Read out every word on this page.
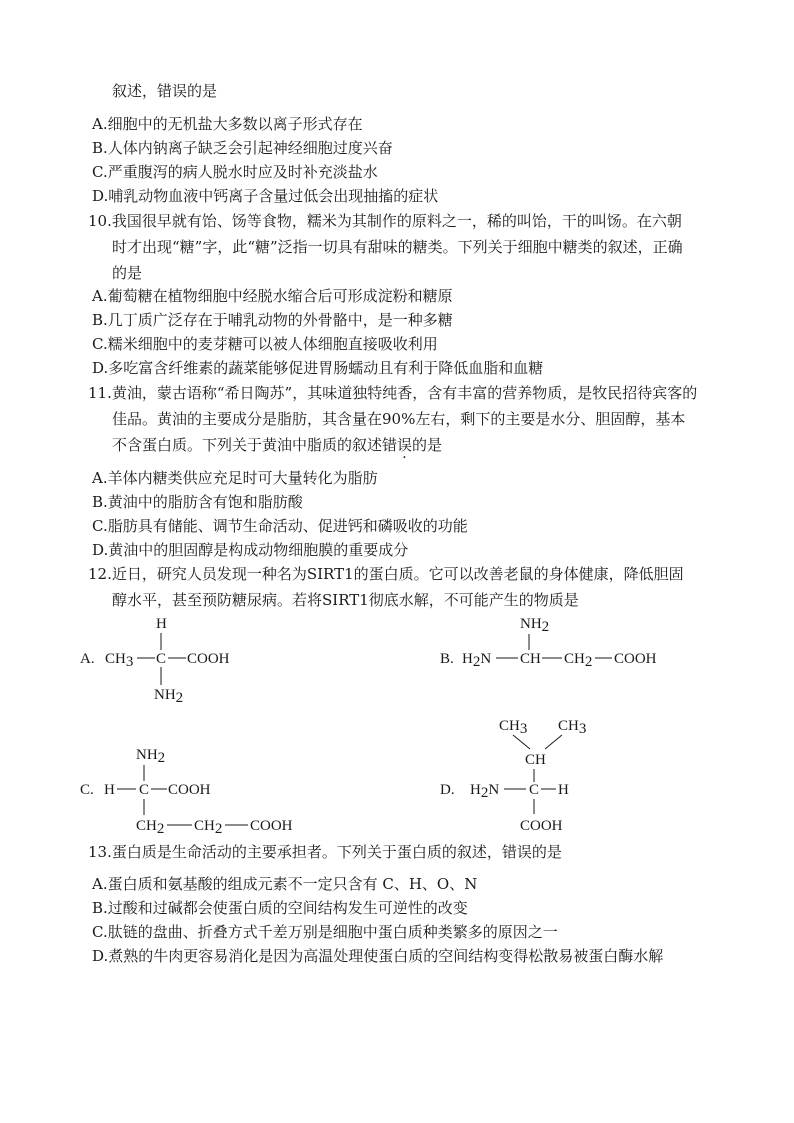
叙述，错误的是
A.细胞中的无机盐大多数以离子形式存在
B.人体内钠离子缺乏会引起神经细胞过度兴奋
C.严重腹泻的病人脱水时应及时补充淡盐水
D.哺乳动物血液中钙离子含量过低会出现抽搐的症状
10.我国很早就有饴、饧等食物，糯米为其制作的原料之一，稀的叫饴，干的叫饧。在六朝
时才出现“糖”字，此“糖”泛指一切具有甜味的糖类。下列关于细胞中糖类的叙述，正确
的是
A.葡萄糖在植物细胞中经脱水缩合后可形成淀粉和糖原
B.几丁质广泛存在于哺乳动物的外骨骼中，是一种多糖
C.糯米细胞中的麦芽糖可以被人体细胞直接吸收利用
D.多吃富含纤维素的蔬菜能够促进胃肠蠕动且有利于降低血脂和血糖
11.黄油，蒙古语称“希日陶苏”，其味道独特纯香，含有丰富的营养物质，是牧民招待宾客的
佳品。黄油的主要成分是脂肪，其含量在90%左右，剩下的主要是水分、胆固醇，基本
不含蛋白质。下列关于黄油中脂质的叙述错误的是
A.羊体内糖类供应充足时可大量转化为脂肪
B.黄油中的脂肪含有饱和脂肪酸
C.脂肪具有储能、调节生命活动、促进钙和磷吸收的功能
D.黄油中的胆固醇是构成动物细胞膜的重要成分
12.近日，研究人员发现一种名为SIRT1的蛋白质。它可以改善老鼠的身体健康，降低胆固
醇水平，甚至预防糖尿病。若将SIRT1彻底水解，不可能产生的物质是
A.
H
CH3 C COOH
NH2
B.
NH2
H2N CH CH2 COOH
C.
NH2
H C COOH
CH2 CH2 COOH
D.
CH3 CH3
CH
H2N C H
COOH
13.蛋白质是生命活动的主要承担者。下列关于蛋白质的叙述，错误的是
A.蛋白质和氨基酸的组成元素不一定只含有 C、H、O、N
B.过酸和过碱都会使蛋白质的空间结构发生可逆性的改变
C.肽链的盘曲、折叠方式千差万别是细胞中蛋白质种类繁多的原因之一
D.煮熟的牛肉更容易消化是因为高温处理使蛋白质的空间结构变得松散易被蛋白酶水解
